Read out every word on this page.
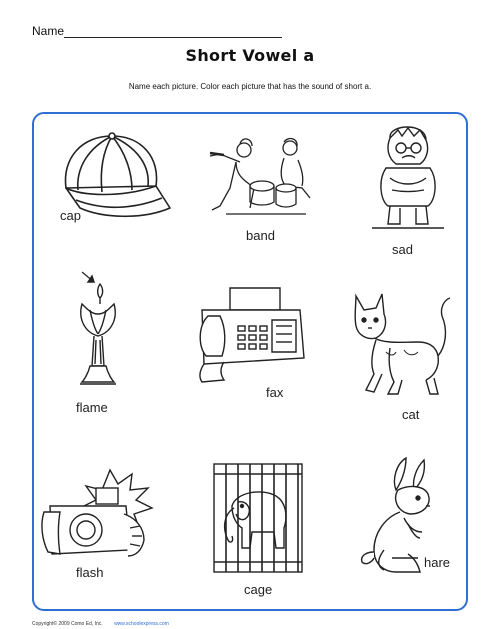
Name
Short Vowel a
Name each picture. Color each picture that has the sound of short a.
cap
band
sad
flame
fax
cat
flash
cage
hare
Copyright© 2009 Como Ed, Inc. www.schoolexpress.com
